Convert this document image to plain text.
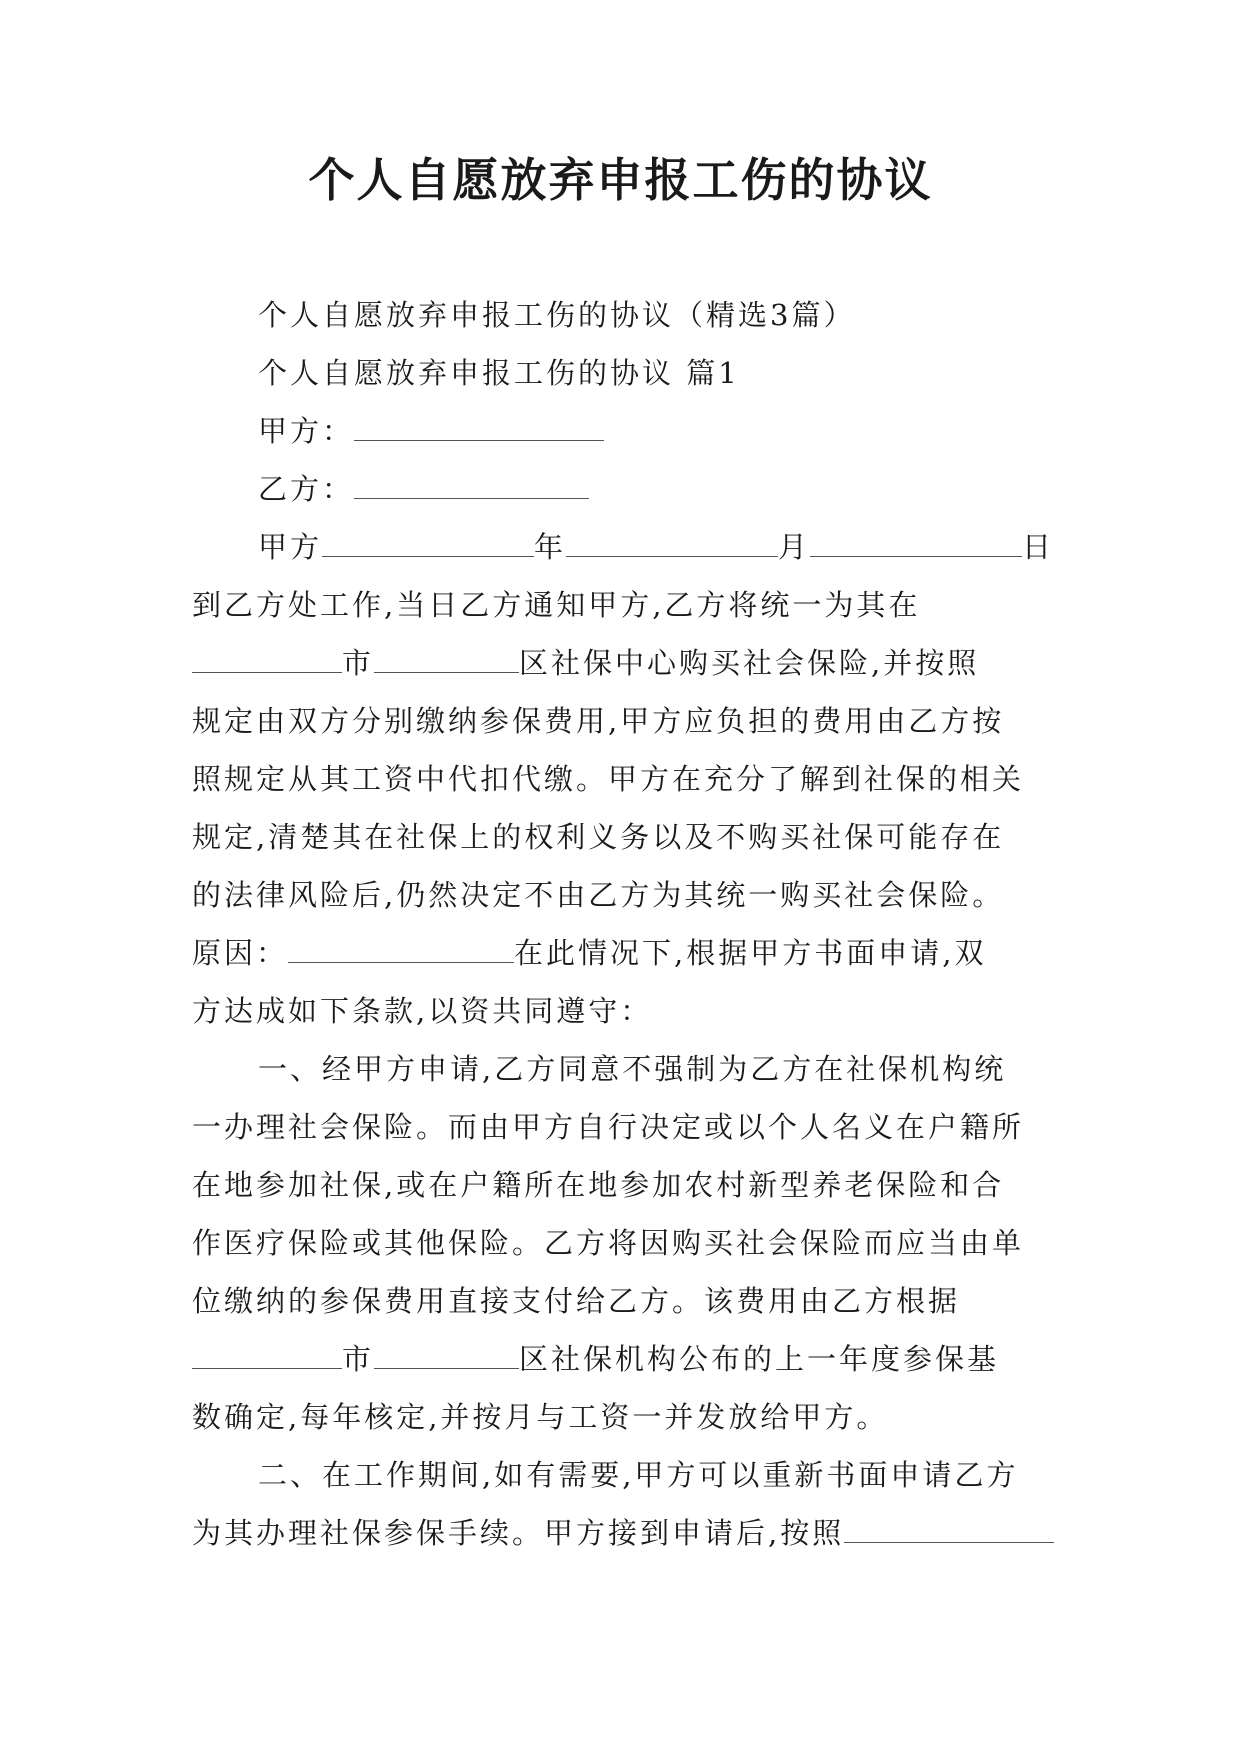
个人自愿放弃申报工伤的协议
个人自愿放弃申报工伤的协议（精选3篇）
个人自愿放弃申报工伤的协议 篇1
甲方：
乙方：
甲方	年	月	日
到乙方处工作,当日乙方通知甲方,乙方将统一为其在
市	区社保中心购买社会保险,并按照
规定由双方分别缴纳参保费用,甲方应负担的费用由乙方按
照规定从其工资中代扣代缴。甲方在充分了解到社保的相关
规定,清楚其在社保上的权利义务以及不购买社保可能存在
的法律风险后,仍然决定不由乙方为其统一购买社会保险。
原因：	在此情况下,根据甲方书面申请,双
方达成如下条款,以资共同遵守：
一、经甲方申请,乙方同意不强制为乙方在社保机构统
一办理社会保险。而由甲方自行决定或以个人名义在户籍所
在地参加社保,或在户籍所在地参加农村新型养老保险和合
作医疗保险或其他保险。乙方将因购买社会保险而应当由单
位缴纳的参保费用直接支付给乙方。该费用由乙方根据
市	区社保机构公布的上一年度参保基
数确定,每年核定,并按月与工资一并发放给甲方。
二、在工作期间,如有需要,甲方可以重新书面申请乙方
为其办理社保参保手续。甲方接到申请后,按照
